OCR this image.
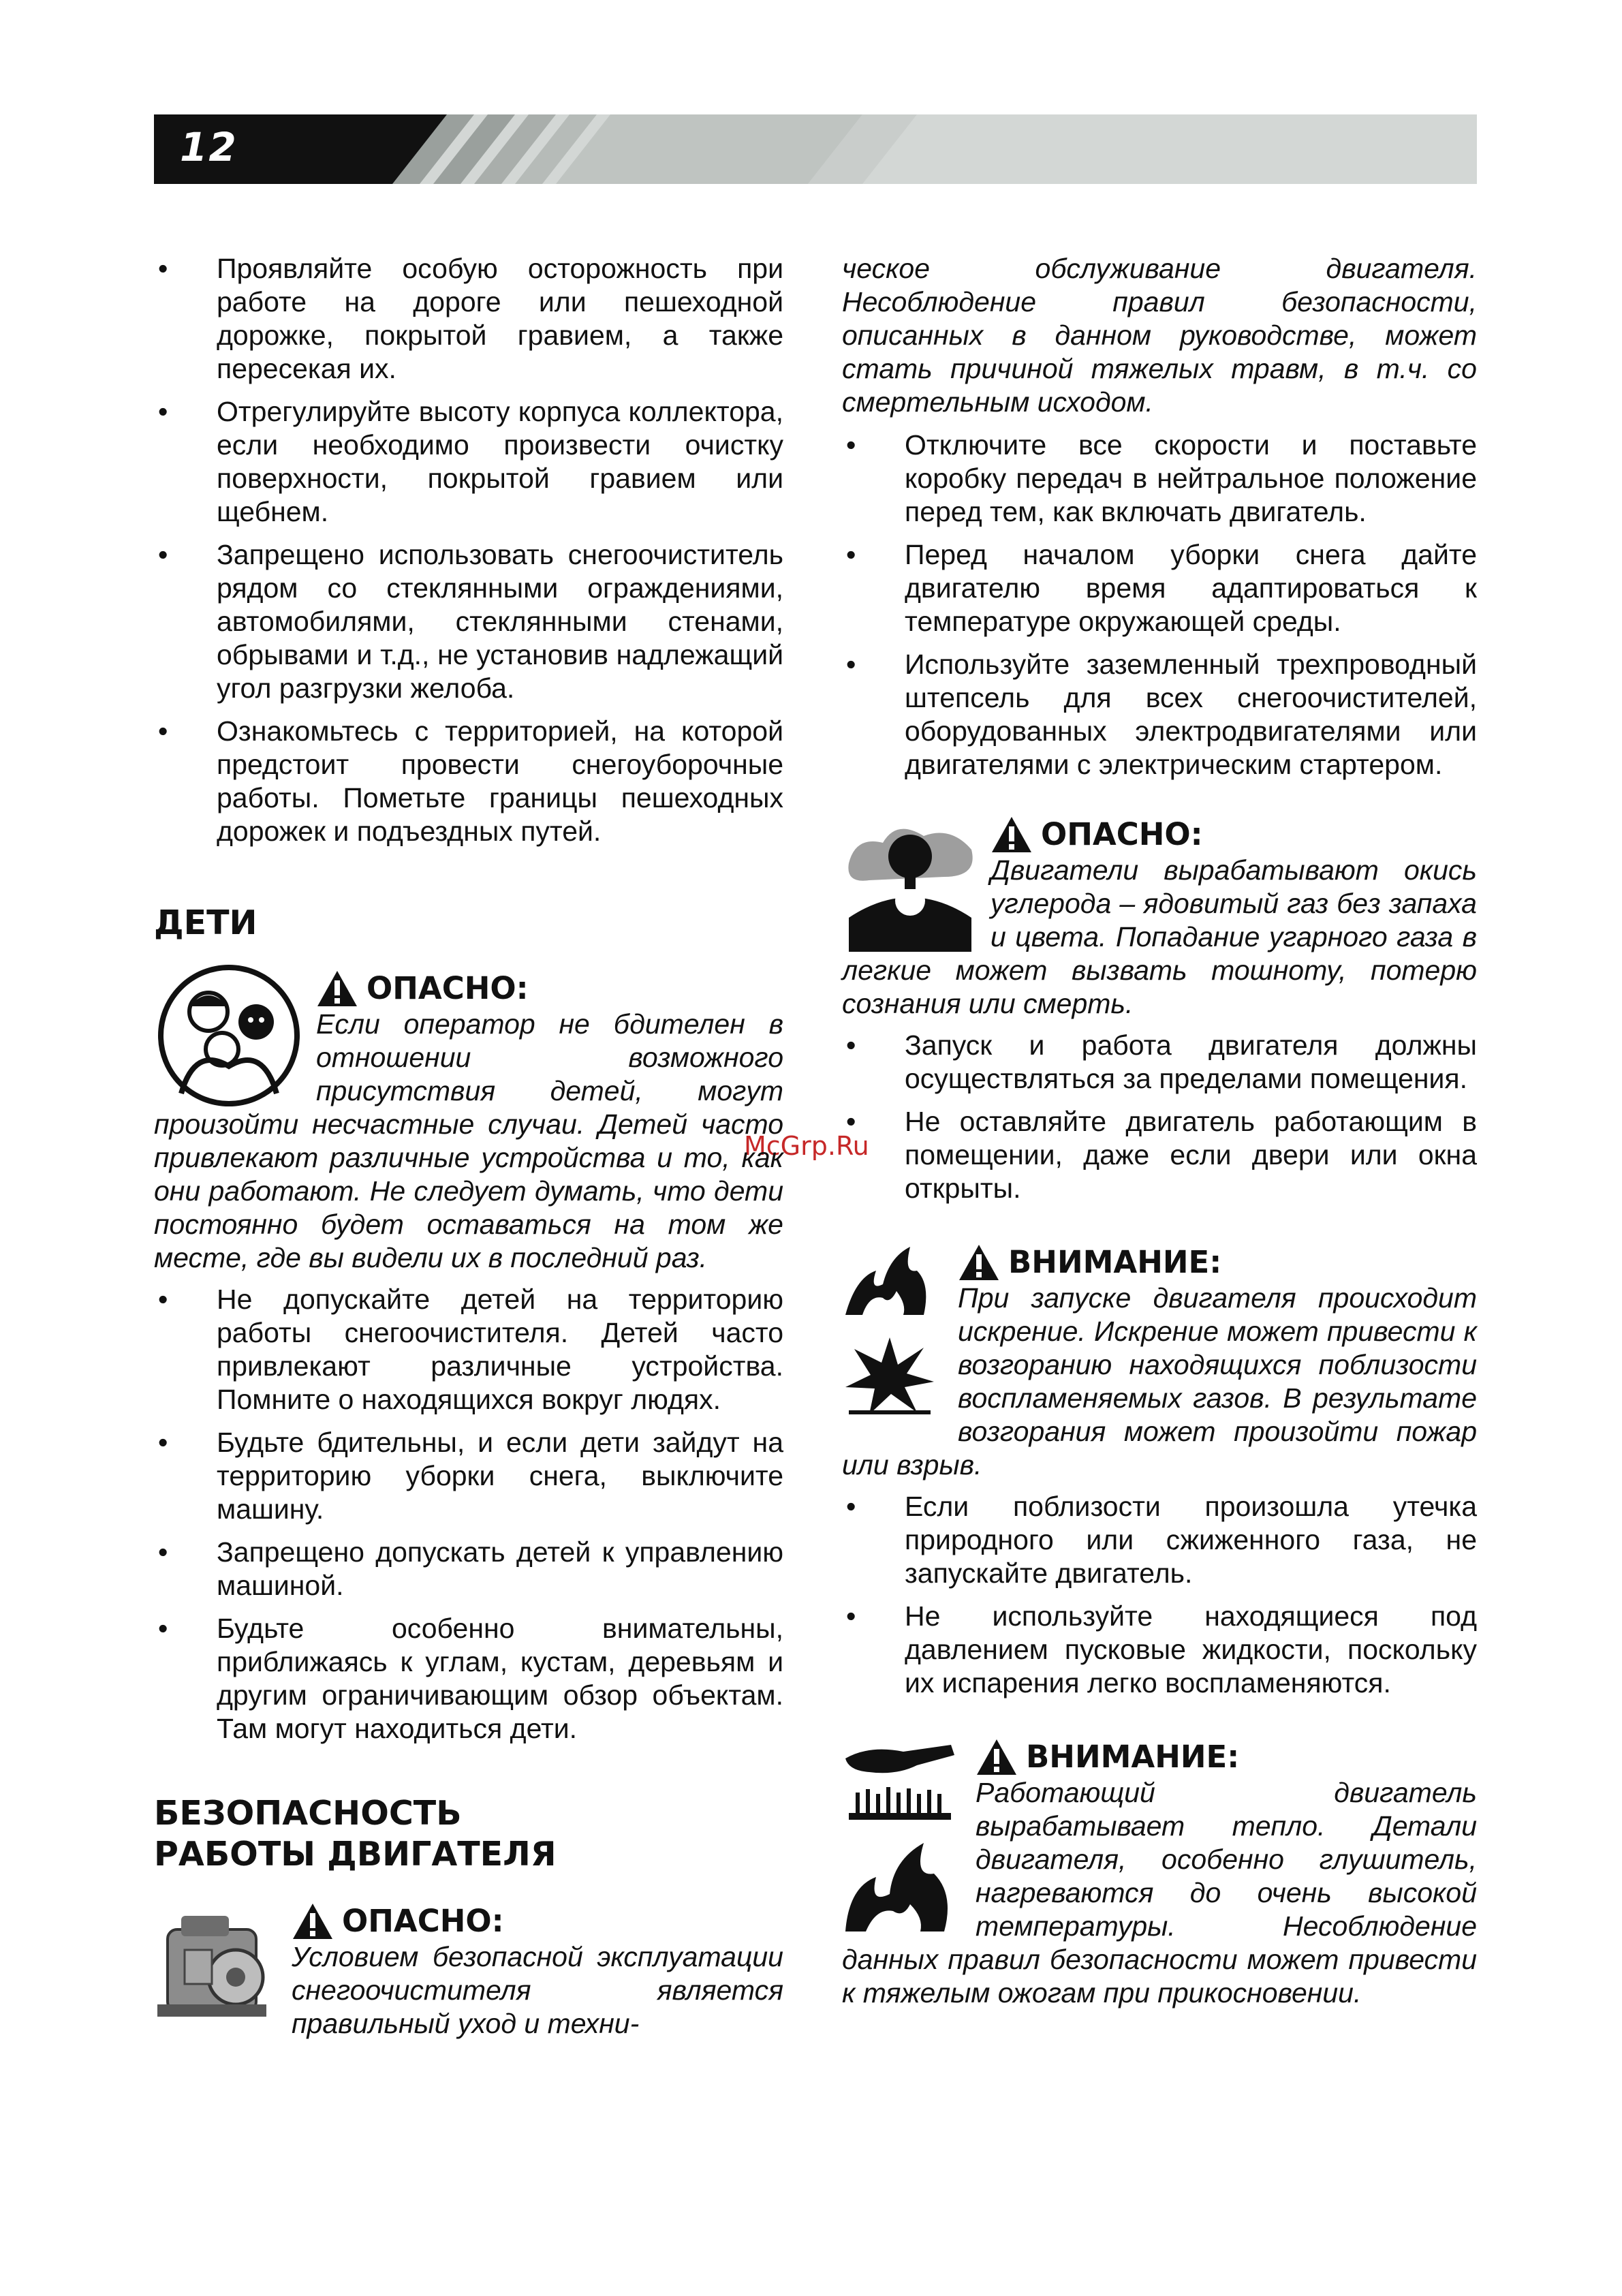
12
McGrp.Ru
• Проявляйте особую осторожность при работе на дороге или пешеходной дорожке, покрытой гравием, а также пересекая их.
• Отрегулируйте высоту корпуса коллектора, если необходимо произвести очистку поверхности, покрытой гравием или щебнем.
• Запрещено использовать снегоочиститель рядом со стеклянными ограждениями, автомобилями, стеклянными стенами, обрывами и т.д., не установив надлежащий угол разгрузки желоба.
• Ознакомьтесь с территорией, на которой предстоит провести снегоуборочные работы. Пометьте границы пешеходных дорожек и подъездных путей.
ДЕТИ
ОПАСНО:

Если оператор не бдителен в отношении возможного присутствия детей, могут произойти несчастные случаи. Детей часто привлекают различные устройства и то, как они работают. Не следует думать, что дети постоянно будет оставаться на том же месте, где вы видели их в последний раз.

• Не допускайте детей на территорию работы снегоочистителя. Детей часто привлекают различные устройства. Помните о находящихся вокруг людях.
• Будьте бдительны, и если дети зайдут на территорию уборки снега, выключите машину.
• Запрещено допускать детей к управлению машиной.
• Будьте особенно внимательны, приближаясь к углам, кустам, деревьям и другим ограничивающим обзор объектам. Там могут находиться дети.
БЕЗОПАСНОСТЬ РАБОТЫ ДВИГАТЕЛЯ
ОПАСНО:

Условием безопасной эксплуатации снегоочистителя является правильный уход и техни-

ческое обслуживание двигателя. Несоблюдение правил безопасности, описанных в данном руководстве, может стать причиной тяжелых травм, в т.ч. со смертельным исходом.

• Отключите все скорости и поставьте коробку передач в нейтральное положение перед тем, как включать двигатель.
• Перед началом уборки снега дайте двигателю время адаптироваться к температуре окружающей среды.
• Используйте заземленный трехпроводный штепсель для всех снегоочистителей, оборудованных электродвигателями или двигателями с электрическим стартером.
ОПАСНО:

Двигатели вырабатывают окись углерода – ядовитый газ без запаха и цвета. Попадание угарного газа в легкие может вызвать тошноту, потерю сознания или смерть.

• Запуск и работа двигателя должны осуществляться за пределами помещения.
• Не оставляйте двигатель работающим в помещении, даже если двери или окна открыты.

ВНИМАНИЕ:

При запуске двигателя происходит искрение. Искрение может привести к возгоранию находящихся поблизости воспламеняемых газов. В результате возгорания может произойти пожар или взрыв.

• Если поблизости произошла утечка природного или сжиженного газа, не запускайте двигатель.
• Не используйте находящиеся под давлением пусковые жидкости, поскольку их испарения легко воспламеняются.

ВНИМАНИЕ:

Работающий двигатель вырабатывает тепло. Детали двигателя, особенно глушитель, нагреваются до очень высокой температуры. Несоблюдение данных правил безопасности может привести к тяжелым ожогам при прикосновении.
